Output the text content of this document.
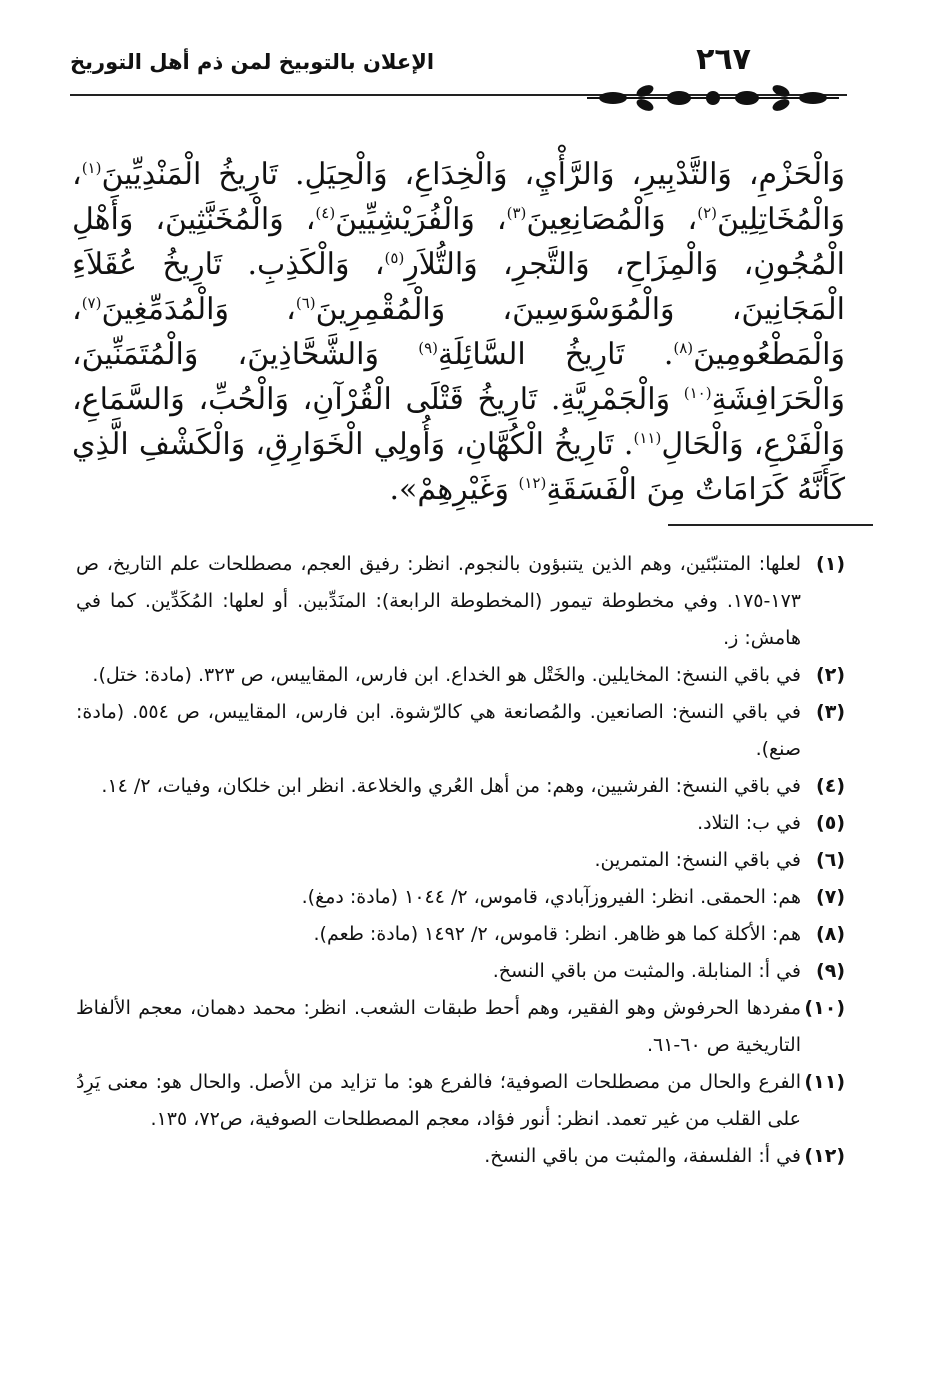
٢٦٧
الإعلان بالتوبيخ لمن ذم أهل التوريخ

وَالْحَزْمِ، وَالتَّدْبِيرِ، وَالرَّأْيِ، وَالْخِدَاعِ، وَالْحِيَلِ. تَارِيخُ الْمَنْدِيِّينَ$^{(١)}$، وَالْمُخَاتِلِينَ$^{(٢)}$، وَالْمُصَانِعِينَ$^{(٣)}$، وَالْفُرَيْشِيِّينَ$^{(٤)}$، وَالْمُخَنَّثِينَ، وَأَهْلِ الْمُجُونِ، وَالْمِزَاحِ، وَالتَّجرِ، وَالتُّلاَرِ$^{(٥)}$، وَالْكَذِبِ. تَارِيخُ عُقَلاَءِ الْمَجَانِينَ، وَالْمُوَسْوَسِينَ، وَالْمُقْمِرِينَ$^{(٦)}$، وَالْمُدَمِّغِينَ$^{(٧)}$، وَالْمَطْعُومِينَ$^{(٨)}$. تَارِيخُ السَّائِلَةِ$^{(٩)}$ وَالشَّحَّاذِينَ، وَالْمُتَمَنِّينَ، وَالْحَرَافِشَةِ$^{(١٠)}$ وَالْجَمْرِيَّةِ. تَارِيخُ قَتْلَى الْقُرْآنِ، وَالْحُبِّ، وَالسَّمَاعِ، وَالْفَرْعِ، وَالْحَالِ$^{(١١)}$. تَارِيخُ الْكُهَّانِ، وَأُولِي الْخَوَارِقِ، وَالْكَشْفِ الَّذِي كَأَنَّهُ كَرَامَاتٌ مِنَ الْفَسَقَةِ$^{(١٢)}$ وَغَيْرِهِمْ».

(١)
لعلها: المتنبّئين، وهم الذين يتنبؤون بالنجوم. انظر: رفيق العجم، مصطلحات علم التاريخ، ص ١٧٣-١٧٥. وفي مخطوطة تيمور (المخطوطة الرابعة): المنَدِّبين. أو لعلها: المُكَدِّين. كما في هامش: ز.
(٢)
في باقي النسخ: المخايلين. والخَتْل هو الخداع. ابن فارس، المقاييس، ص ٣٢٣. (مادة: ختل).
(٣)
في باقي النسخ: الصانعين. والمُصانعة هي كالرّشوة. ابن فارس، المقاييس، ص ٥٥٤. (مادة: صنع).
(٤)
في باقي النسخ: الفرشيين، وهم: من أهل العُري والخلاعة. انظر ابن خلكان، وفيات، ٢/ ١٤.
(٥)
في ب: التلاد.
(٦)
في باقي النسخ: المتمرين.
(٧)
هم: الحمقى. انظر: الفيروزآبادي، قاموس، ٢/ ١٠٤٤ (مادة: دمغ).
(٨)
هم: الأكلة كما هو ظاهر. انظر: قاموس، ٢/ ١٤٩٢ (مادة: طعم).
(٩)
في أ: المنابلة. والمثبت من باقي النسخ.
(١٠)
مفردها الحرفوش وهو الفقير، وهم أحط طبقات الشعب. انظر: محمد دهمان، معجم الألفاظ التاريخية ص ٦٠-٦١.
(١١)
الفرع والحال من مصطلحات الصوفية؛ فالفرع هو: ما تزايد من الأصل. والحال هو: معنى يَرِدُ على القلب من غير تعمد. انظر: أنور فؤاد، معجم المصطلحات الصوفية، ص٧٢، ١٣٥.
(١٢)
في أ: الفلسفة، والمثبت من باقي النسخ.
